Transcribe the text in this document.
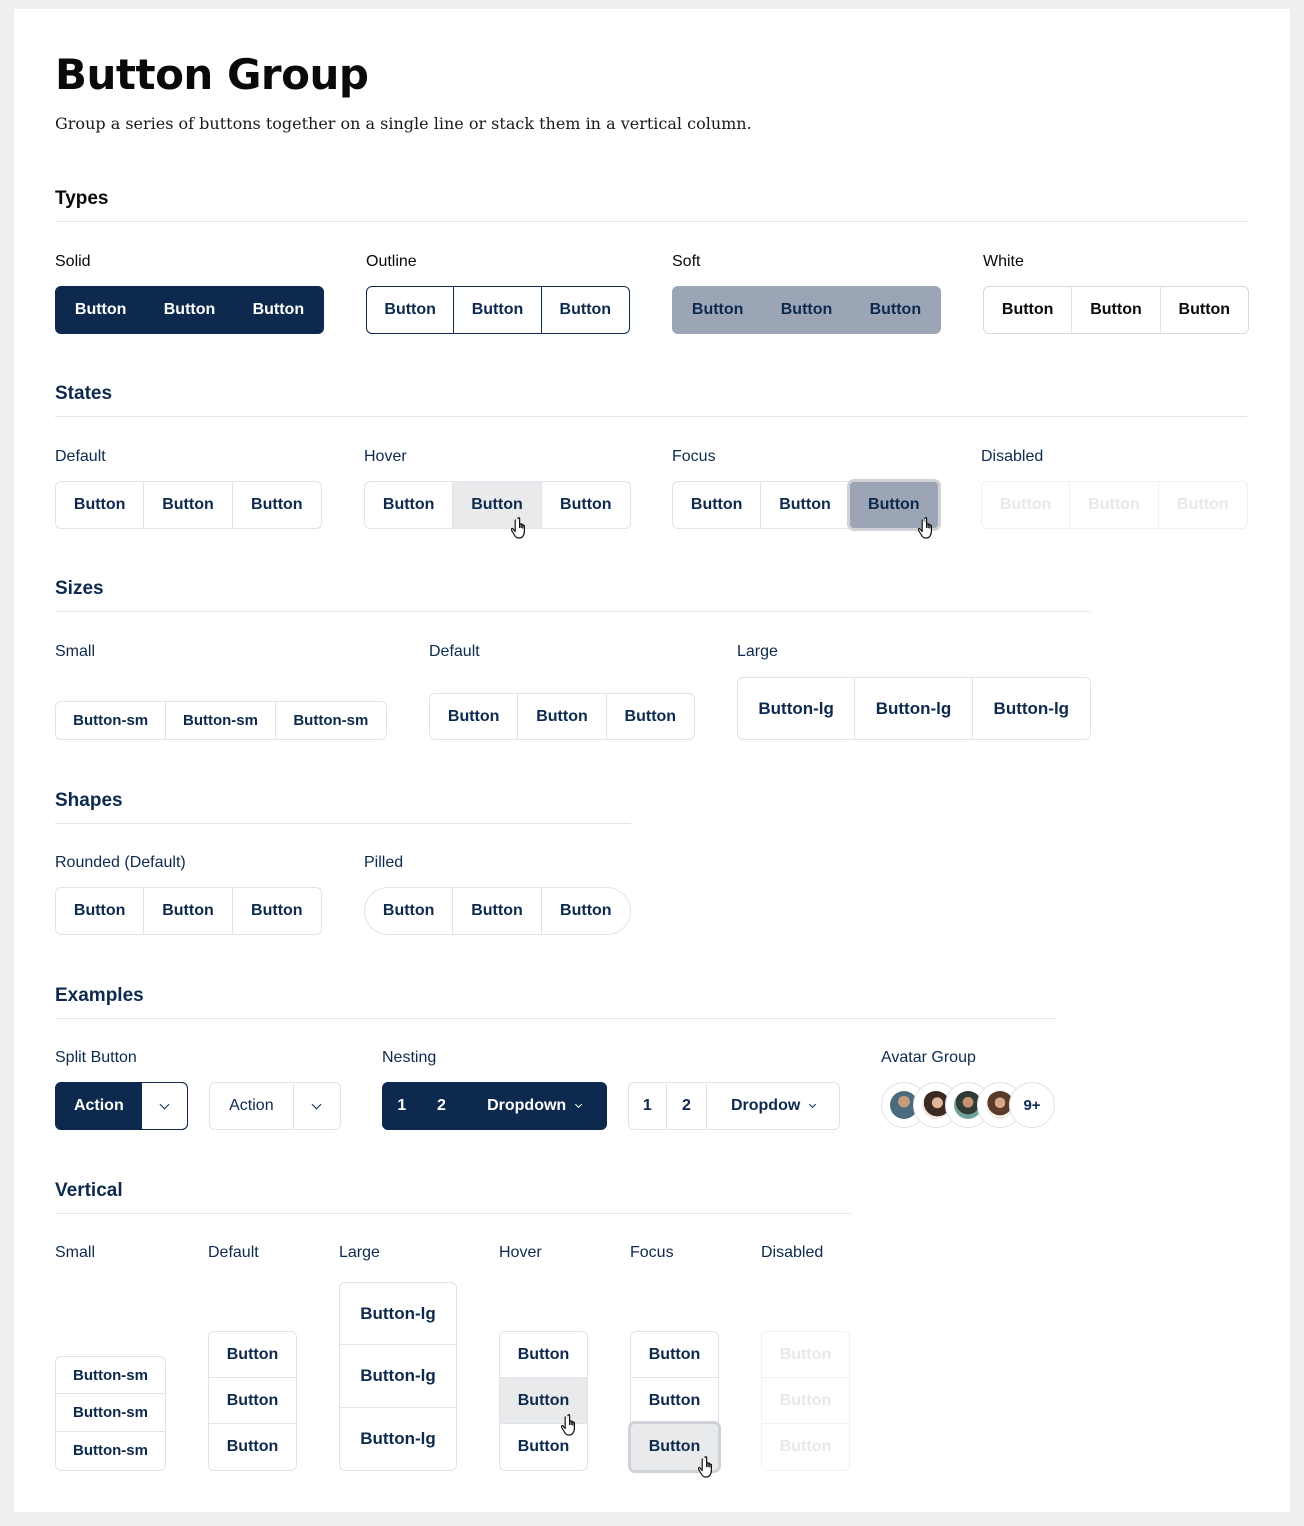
Button Group

Group a series of buttons together on a single line or stack them in a vertical column.

Types
Solid
Button	Button	Button
Outline
Button	Button	Button
Soft
Button	Button	Button
White
Button	Button	Button
States
Default
Button	Button	Button
Hover
Button	Button	Button
Focus
Button	Button	Button
Disabled
Button	Button	Button
Sizes
Small
Button-sm	Button-sm	Button-sm
Default
Button	Button	Button
Large
Button-lg	Button-lg	Button-lg
Shapes
Rounded (Default)
Button	Button	Button
Pilled
Button	Button	Button
Examples
Split Button
Action	Action
Nesting
1	2	Dropdown	1	2	Dropdow
Avatar Group
9+
Vertical
Small
Button-sm
Button-sm
Button-sm
Default
Button
Button
Button
Large
Button-lg
Button-lg
Button-lg
Hover
Button
Button
Button
Focus
Button
Button
Button
Disabled
Button
Button
Button
